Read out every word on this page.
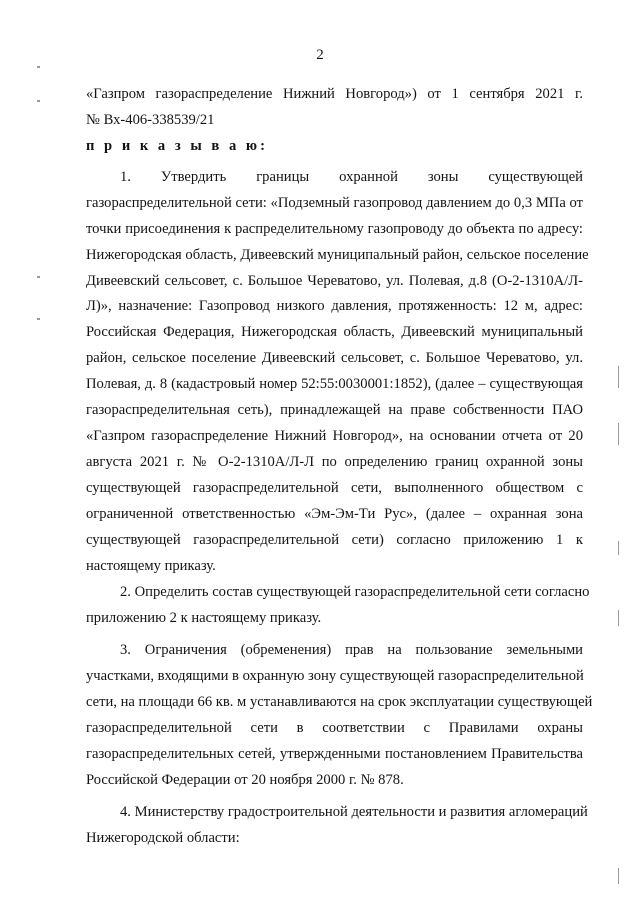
2
«Газпром газораспределение Нижний Новгород») от 1 сентября 2021 г.
№ Вх-406-338539/21
п р и к а з ы в а ю:
1. Утвердить границы охранной зоны существующей
газораспределительной сети: «Подземный газопровод давлением до 0,3 МПа от
точки присоединения к распределительному газопроводу до объекта по адресу:
Нижегородская область, Дивеевский муниципальный район, сельское поселение
Дивеевский сельсовет, с. Большое Череватово, ул. Полевая, д.8 (О-2-1310А/Л-
Л)», назначение: Газопровод низкого давления, протяженность: 12 м, адрес:
Российская Федерация, Нижегородская область, Дивеевский муниципальный
район, сельское поселение Дивеевский сельсовет, с. Большое Череватово, ул.
Полевая, д. 8 (кадастровый номер 52:55:0030001:1852), (далее – существующая
газораспределительная сеть), принадлежащей на праве собственности ПАО
«Газпром газораспределение Нижний Новгород», на основании отчета от 20
августа 2021 г. № О-2-1310А/Л-Л по определению границ охранной зоны
существующей газораспределительной сети, выполненного обществом с
ограниченной ответственностью «Эм-Эм-Ти Рус», (далее – охранная зона
существующей газораспределительной сети) согласно приложению 1 к
настоящему приказу.
2. Определить состав существующей газораспределительной сети согласно
приложению 2 к настоящему приказу.
3. Ограничения (обременения) прав на пользование земельными
участками, входящими в охранную зону существующей газораспределительной
сети, на площади 66 кв. м устанавливаются на срок эксплуатации существующей
газораспределительной сети в соответствии с Правилами охраны
газораспределительных сетей, утвержденными постановлением Правительства
Российской Федерации от 20 ноября 2000 г. № 878.
4. Министерству градостроительной деятельности и развития агломераций
Нижегородской области:
